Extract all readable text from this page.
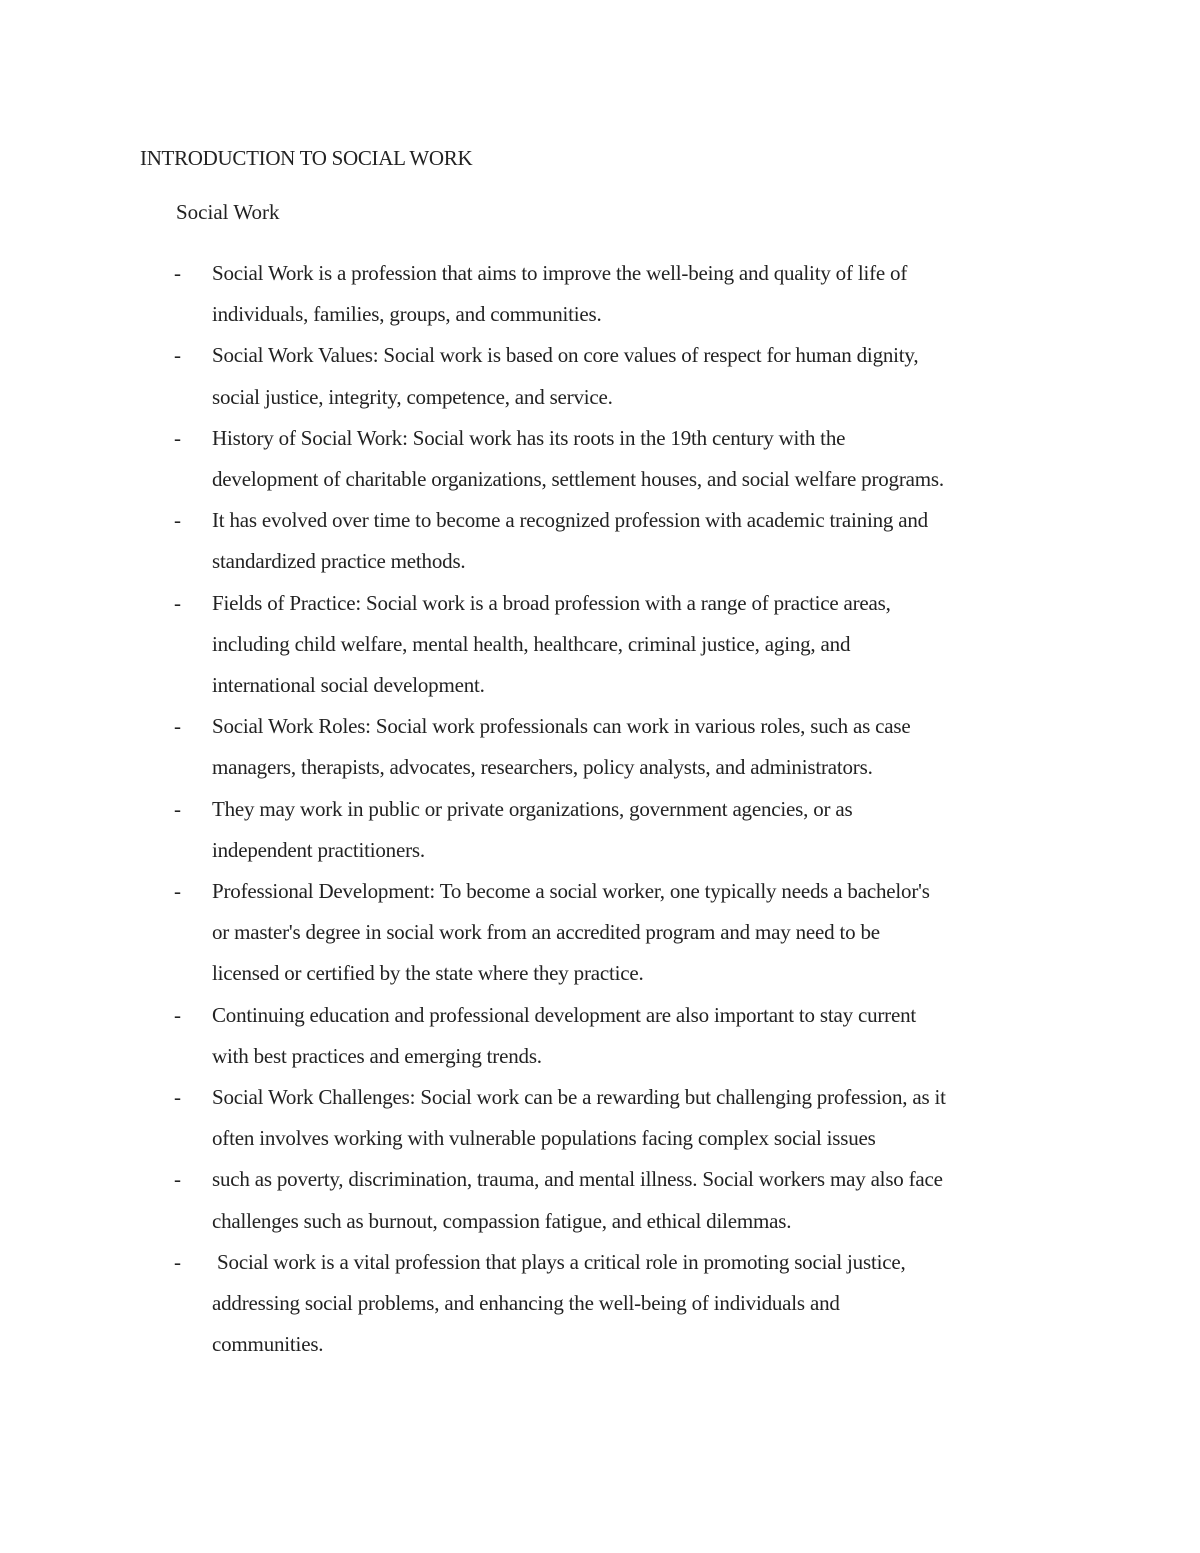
INTRODUCTION TO SOCIAL WORK
Social Work
-	Social Work is a profession that aims to improve the well-being and quality of life of
individuals, families, groups, and communities.
-	Social Work Values: Social work is based on core values of respect for human dignity,
social justice, integrity, competence, and service.
-	History of Social Work: Social work has its roots in the 19th century with the
development of charitable organizations, settlement houses, and social welfare programs.
-	It has evolved over time to become a recognized profession with academic training and
standardized practice methods.
-	Fields of Practice: Social work is a broad profession with a range of practice areas,
including child welfare, mental health, healthcare, criminal justice, aging, and
international social development.
-	Social Work Roles: Social work professionals can work in various roles, such as case
managers, therapists, advocates, researchers, policy analysts, and administrators.
-	They may work in public or private organizations, government agencies, or as
independent practitioners.
-	Professional Development: To become a social worker, one typically needs a bachelor's
or master's degree in social work from an accredited program and may need to be
licensed or certified by the state where they practice.
-	Continuing education and professional development are also important to stay current
with best practices and emerging trends.
-	Social Work Challenges: Social work can be a rewarding but challenging profession, as it
often involves working with vulnerable populations facing complex social issues
-	such as poverty, discrimination, trauma, and mental illness. Social workers may also face
challenges such as burnout, compassion fatigue, and ethical dilemmas.
-	Social work is a vital profession that plays a critical role in promoting social justice,
addressing social problems, and enhancing the well-being of individuals and
communities.
